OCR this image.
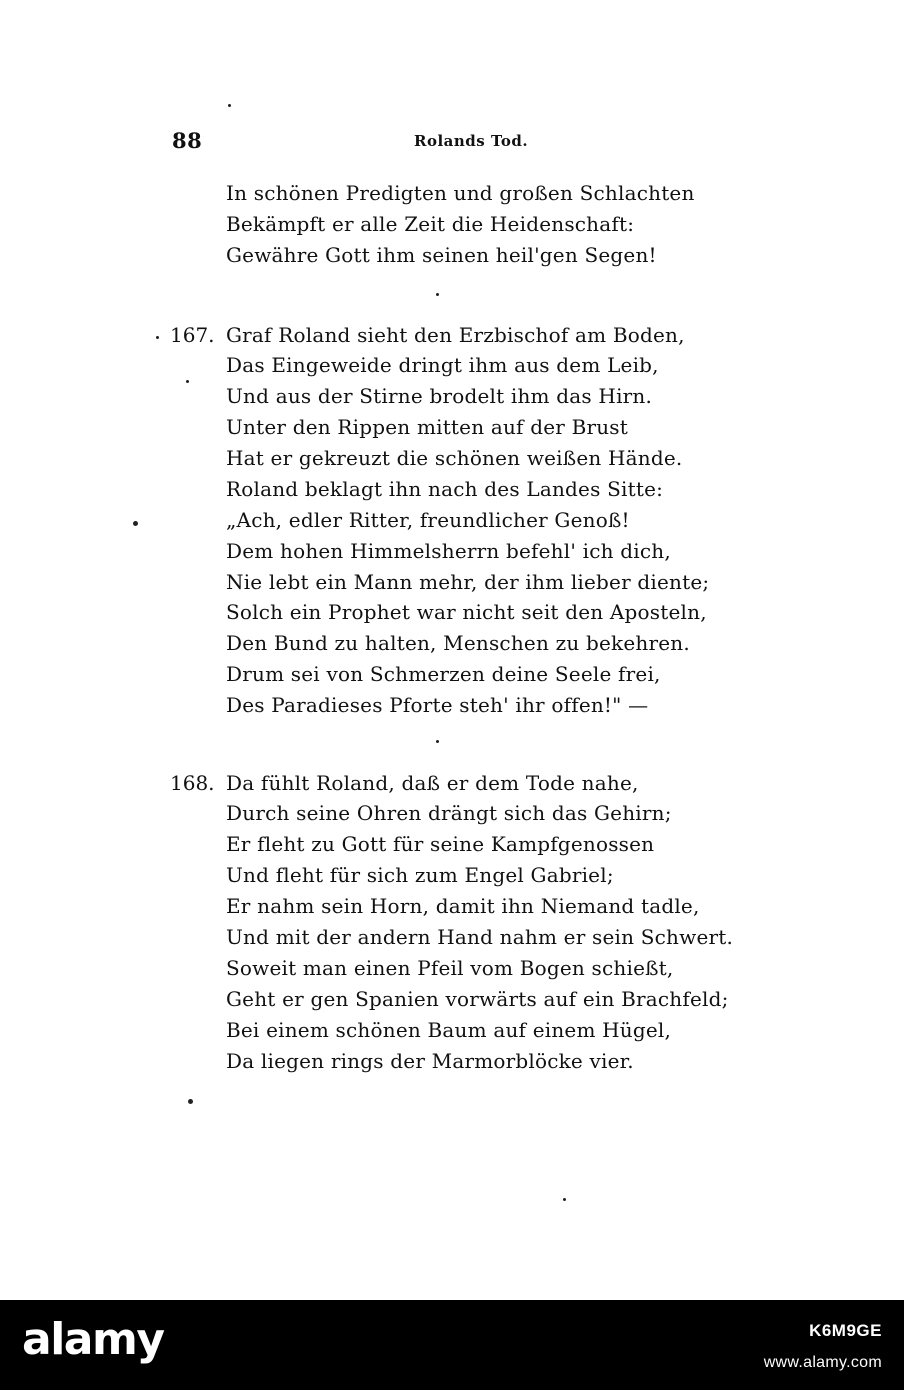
88	Rolands Tod.
In schönen Predigten und großen Schlachten
Bekämpft er alle Zeit die Heidenschaft:
Gewähre Gott ihm seinen heil'gen Segen!
167. Graf Roland sieht den Erzbischof am Boden,
Das Eingeweide dringt ihm aus dem Leib,
Und aus der Stirne brodelt ihm das Hirn.
Unter den Rippen mitten auf der Brust
Hat er gekreuzt die schönen weißen Hände.
Roland beklagt ihn nach des Landes Sitte:
„Ach, edler Ritter, freundlicher Genoß!
Dem hohen Himmelsherrn befehl' ich dich,
Nie lebt ein Mann mehr, der ihm lieber diente;
Solch ein Prophet war nicht seit den Aposteln,
Den Bund zu halten, Menschen zu bekehren.
Drum sei von Schmerzen deine Seele frei,
Des Paradieses Pforte steh' ihr offen!" —
168. Da fühlt Roland, daß er dem Tode nahe,
Durch seine Ohren drängt sich das Gehirn;
Er fleht zu Gott für seine Kampfgenossen
Und fleht für sich zum Engel Gabriel;
Er nahm sein Horn, damit ihn Niemand tadle,
Und mit der andern Hand nahm er sein Schwert.
Soweit man einen Pfeil vom Bogen schießt,
Geht er gen Spanien vorwärts auf ein Brachfeld;
Bei einem schönen Baum auf einem Hügel,
Da liegen rings der Marmorblöcke vier.
alamy	K6M9GE
www.alamy.com
